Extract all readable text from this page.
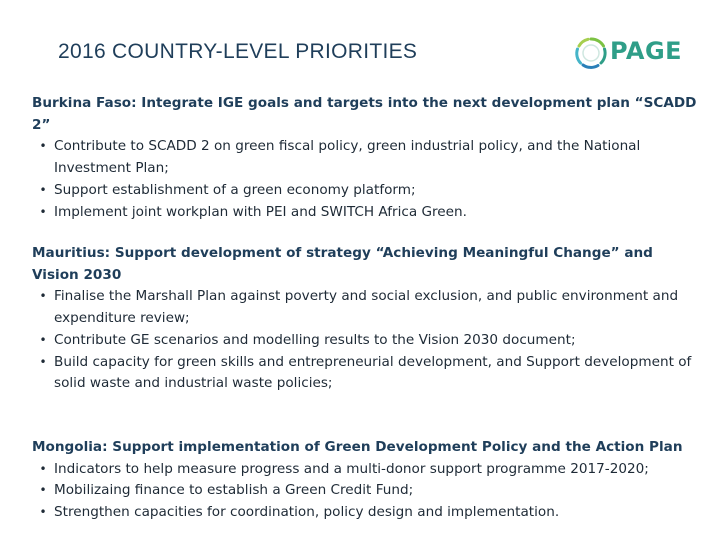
2016 COUNTRY-LEVEL PRIORITIES	PAGE
Burkina Faso: Integrate IGE goals and targets into the next development plan “SCADD 2”
• Contribute to SCADD 2 on green fiscal policy, green industrial policy, and the National Investment Plan;
• Support establishment of a green economy platform;
• Implement joint workplan with PEI and SWITCH Africa Green.
Mauritius: Support development of strategy “Achieving Meaningful Change” and Vision 2030
• Finalise the Marshall Plan against poverty and social exclusion, and public environment and expenditure review;
• Contribute GE scenarios and modelling results to the Vision 2030 document;
• Build capacity for green skills and entrepreneurial development, and Support development of solid waste and industrial waste policies;
Mongolia: Support implementation of Green Development Policy and the Action Plan
• Indicators to help measure progress and a multi-donor support programme 2017-2020;
• Mobilizaing finance to establish a Green Credit Fund;
• Strengthen capacities for coordination, policy design and implementation.
